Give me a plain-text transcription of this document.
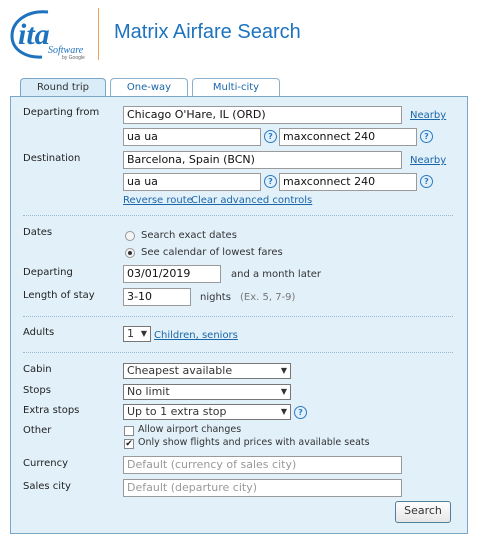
ita
Software
by Google
Matrix Airfare Search
Round trip	One-way	Multi-city
Departing from	Chicago O'Hare, IL (ORD)	Nearby
ua ua	? maxconnect 240	?
Destination	Barcelona, Spain (BCN)	Nearby
ua ua	? maxconnect 240	?
Reverse route
Clear advanced controls
Dates	Search exact dates
See calendar of lowest fares
Departing	03/01/2019	and a month later
Length of stay	3-10	nights (Ex. 5, 7-9)
Adults	1 ▼ Children, seniors
Cabin	Cheapest available	▼
Stops	No limit	▼
Extra stops	Up to 1 extra stop	▼	?
Other	Allow airport changes
✔ Only show flights and prices with available seats
Currency	Default (currency of sales city)
Sales city	Default (departure city)
Search
